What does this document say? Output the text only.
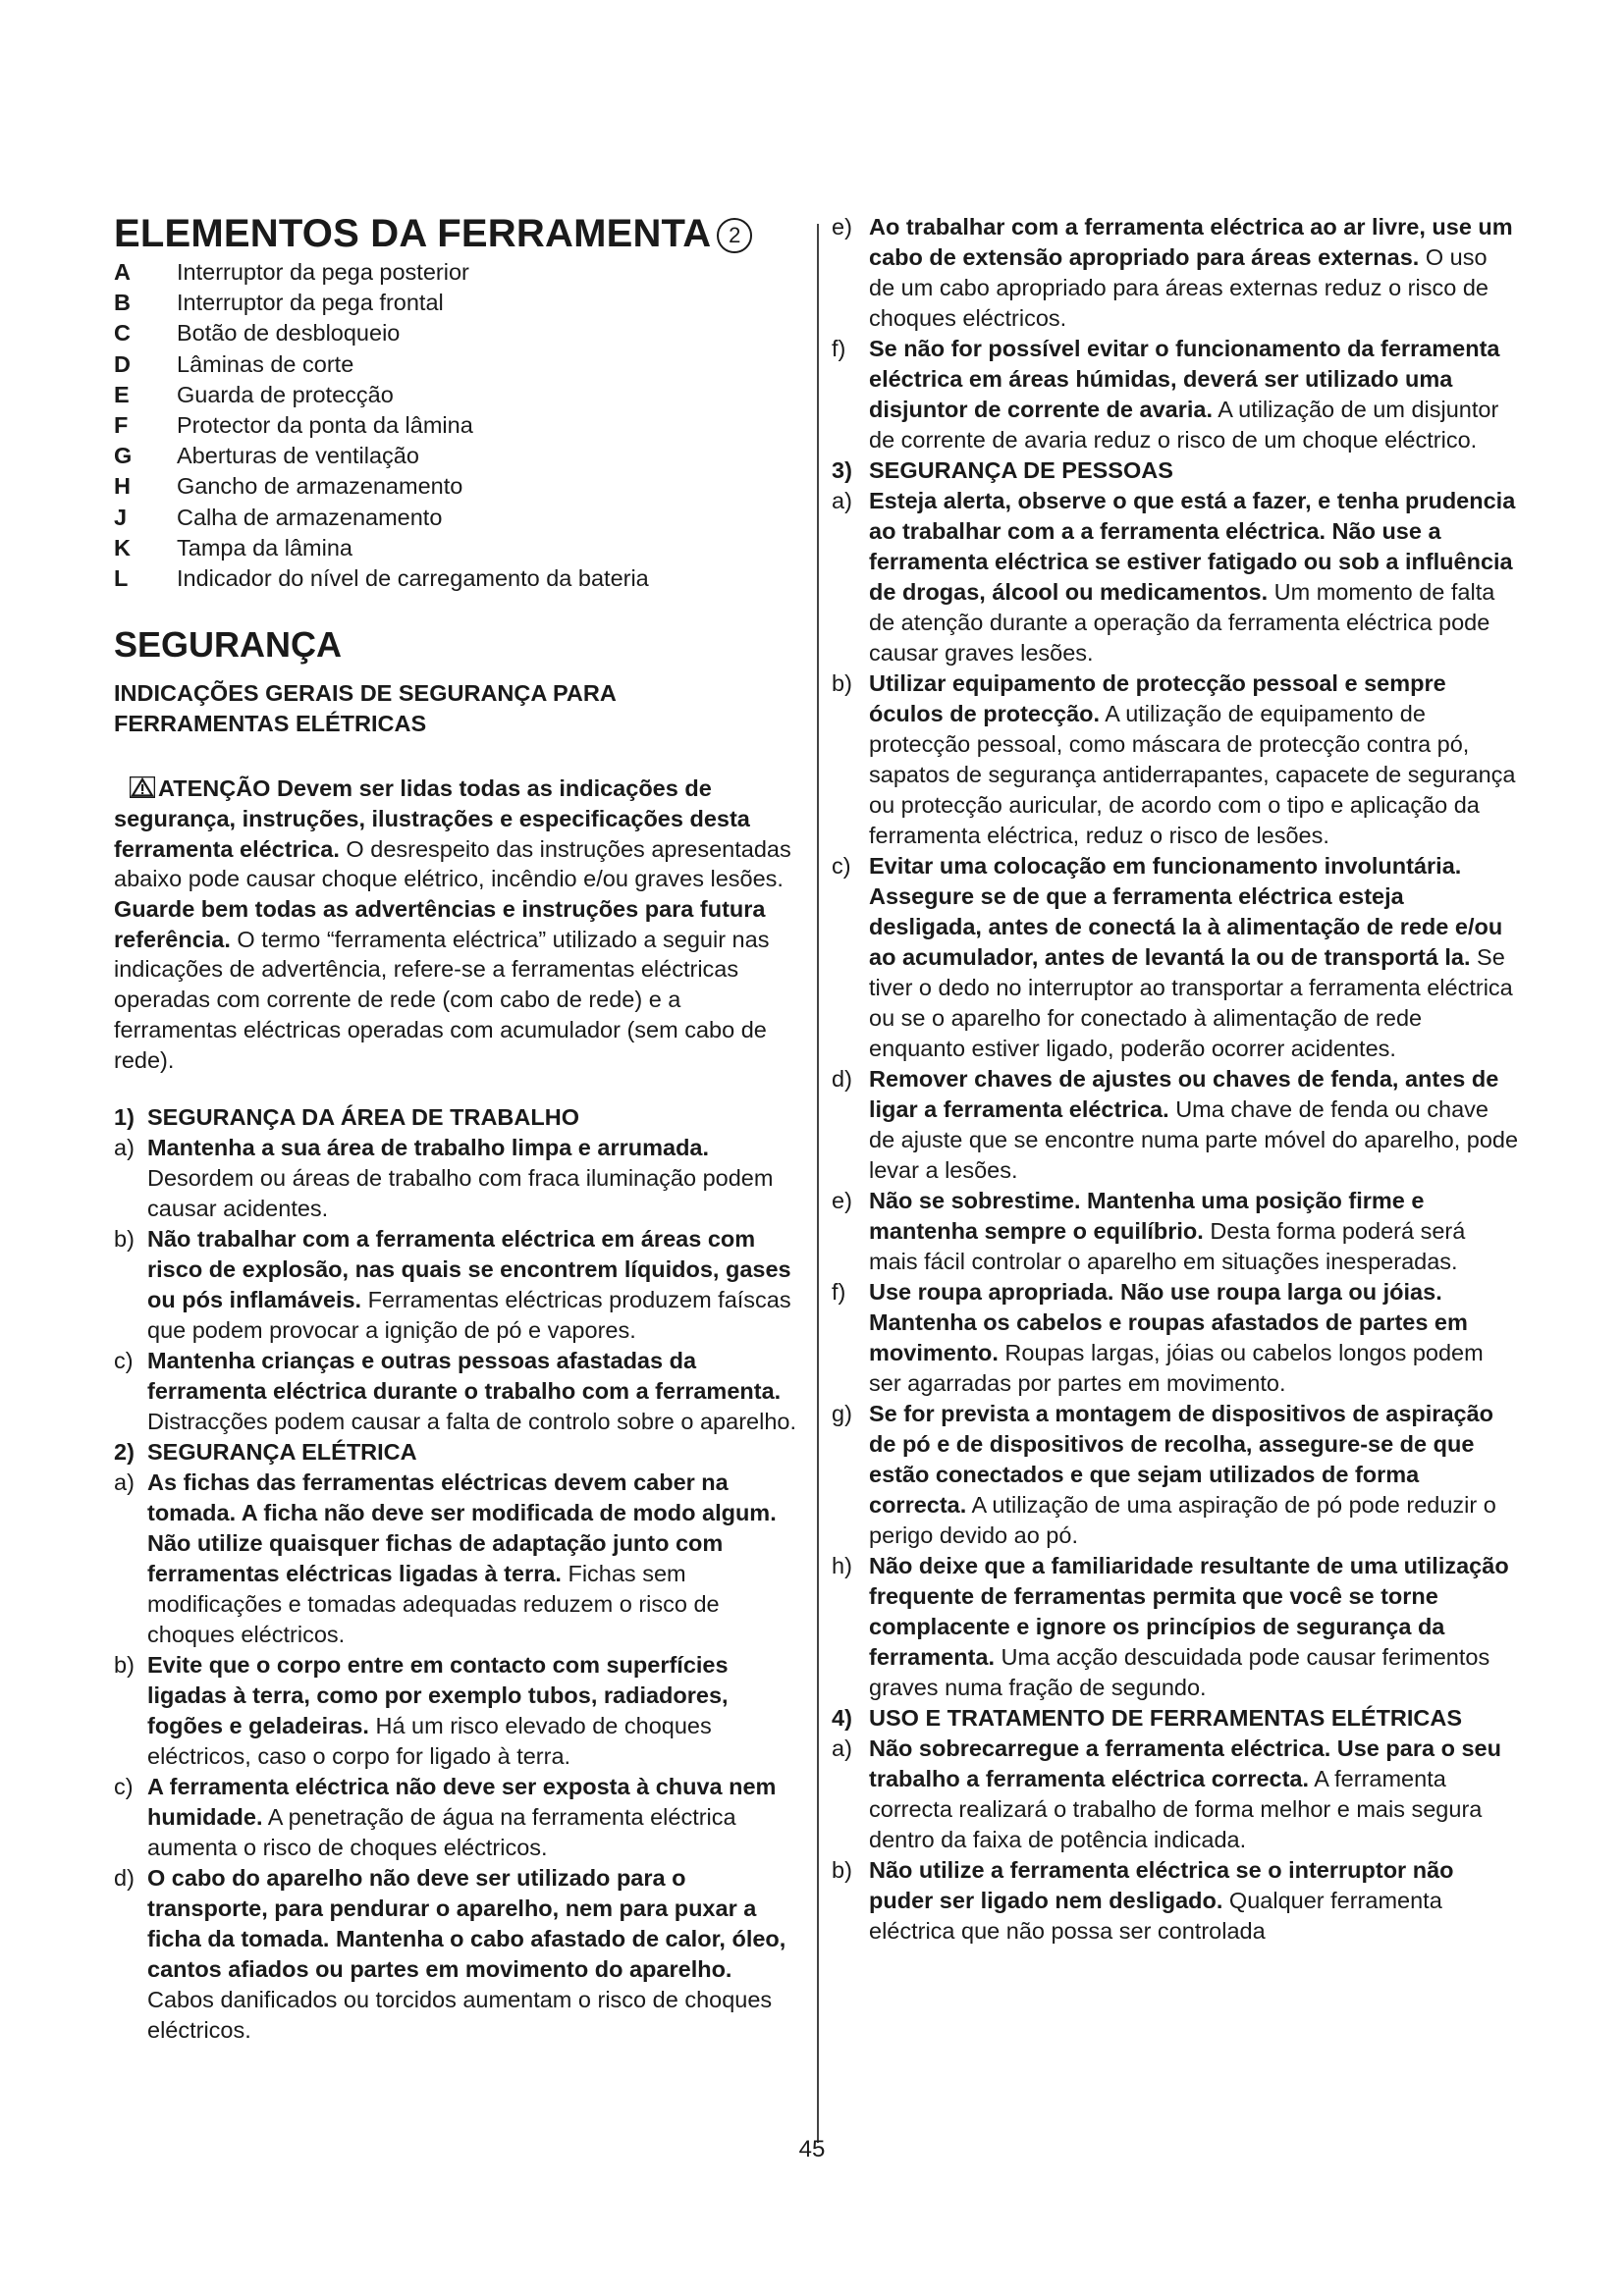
ELEMENTOS DA FERRAMENTA 2
A	Interruptor da pega posterior
B	Interruptor da pega frontal
C	Botão de desbloqueio
D	Lâminas de corte
E	Guarda de protecção
F	Protector da ponta da lâmina
G	Aberturas de ventilação
H	Gancho de armazenamento
J	Calha de armazenamento
K	Tampa da lâmina
L	Indicador do nível de carregamento da bateria
SEGURANÇA
INDICAÇÕES GERAIS DE SEGURANÇA PARA
FERRAMENTAS ELÉTRICAS

ATENÇÃO Devem ser lidas todas as indicações de segurança, instruções, ilustrações e especificações desta ferramenta eléctrica. O desrespeito das instruções apresentadas abaixo pode causar choque elétrico, incêndio e/ou graves lesões. Guarde bem todas as advertências e instruções para futura referência. O termo “ferramenta eléctrica” utilizado a seguir nas indicações de advertência, refere-se a ferramentas eléctricas operadas com corrente de rede (com cabo de rede) e a ferramentas eléctricas operadas com acumulador (sem cabo de rede).

1) SEGURANÇA DA ÁREA DE TRABALHO
a) Mantenha a sua área de trabalho limpa e arrumada. Desordem ou áreas de trabalho com fraca iluminação podem causar acidentes.
b) Não trabalhar com a ferramenta eléctrica em áreas com risco de explosão, nas quais se encontrem líquidos, gases ou pós inflamáveis. Ferramentas eléctricas produzem faíscas que podem provocar a ignição de pó e vapores.
c) Mantenha crianças e outras pessoas afastadas da ferramenta eléctrica durante o trabalho com a ferramenta. Distracções podem causar a falta de controlo sobre o aparelho.
2) SEGURANÇA ELÉTRICA
a) As fichas das ferramentas eléctricas devem caber na tomada. A ficha não deve ser modificada de modo algum. Não utilize quaisquer fichas de adaptação junto com ferramentas eléctricas ligadas à terra. Fichas sem modificações e tomadas adequadas reduzem o risco de choques eléctricos.
b) Evite que o corpo entre em contacto com superfícies ligadas à terra, como por exemplo tubos, radiadores, fogões e geladeiras. Há um risco elevado de choques eléctricos, caso o corpo for ligado à terra.
c) A ferramenta eléctrica não deve ser exposta à chuva nem humidade. A penetração de água na ferramenta eléctrica aumenta o risco de choques eléctricos.
d) O cabo do aparelho não deve ser utilizado para o transporte, para pendurar o aparelho, nem para puxar a ficha da tomada. Mantenha o cabo afastado de calor, óleo, cantos afiados ou partes em movimento do aparelho. Cabos danificados ou torcidos aumentam o risco de choques eléctricos.
e) Ao trabalhar com a ferramenta eléctrica ao ar livre, use um cabo de extensão apropriado para áreas externas. O uso de um cabo apropriado para áreas externas reduz o risco de choques eléctricos.
f)	Se não for possível evitar o funcionamento da ferramenta eléctrica em áreas húmidas, deverá ser utilizado uma disjuntor de corrente de avaria. A utilização de um disjuntor de corrente de avaria reduz o risco de um choque eléctrico.
3) SEGURANÇA DE PESSOAS
a) Esteja alerta, observe o que está a fazer, e tenha prudencia ao trabalhar com a a ferramenta eléctrica. Não use a ferramenta eléctrica se estiver fatigado ou sob a influência de drogas, álcool ou medicamentos. Um momento de falta de atenção durante a operação da ferramenta eléctrica pode causar graves lesões.
b) Utilizar equipamento de protecção pessoal e sempre óculos de protecção. A utilização de equipamento de protecção pessoal, como máscara de protecção contra pó, sapatos de segurança antiderrapantes, capacete de segurança ou protecção auricular, de acordo com o tipo e aplicação da ferramenta eléctrica, reduz o risco de lesões.
c) Evitar uma colocação em funcionamento involuntária. Assegure se de que a ferramenta eléctrica esteja desligada, antes de conectá la à alimentação de rede e/ou ao acumulador, antes de levantá la ou de transportá la. Se tiver o dedo no interruptor ao transportar a ferramenta eléctrica ou se o aparelho for conectado à alimentação de rede enquanto estiver ligado, poderão ocorrer acidentes.
d) Remover chaves de ajustes ou chaves de fenda, antes de ligar a ferramenta eléctrica. Uma chave de fenda ou chave de ajuste que se encontre numa parte móvel do aparelho, pode levar a lesões.
e) Não se sobrestime. Mantenha uma posição firme e mantenha sempre o equilíbrio. Desta forma poderá será mais fácil controlar o aparelho em situações inesperadas.
f)	Use roupa apropriada. Não use roupa larga ou jóias. Mantenha os cabelos e roupas afastados de partes em movimento. Roupas largas, jóias ou cabelos longos podem ser agarradas por partes em movimento.
g) Se for prevista a montagem de dispositivos de aspiração de pó e de dispositivos de recolha, assegure-se de que estão conectados e que sejam utilizados de forma correcta. A utilização de uma aspiração de pó pode reduzir o perigo devido ao pó.
h) Não deixe que a familiaridade resultante de uma utilização frequente de ferramentas permita que você se torne complacente e ignore os princípios de segurança da ferramenta. Uma acção descuidada pode causar ferimentos graves numa fração de segundo.
4) USO E TRATAMENTO DE FERRAMENTAS ELÉTRICAS
a) Não sobrecarregue a ferramenta eléctrica. Use para o seu trabalho a ferramenta eléctrica correcta. A ferramenta correcta realizará o trabalho de forma melhor e mais segura dentro da faixa de potência indicada.
b) Não utilize a ferramenta eléctrica se o interruptor não puder ser ligado nem desligado. Qualquer ferramenta eléctrica que não possa ser controlada
45
